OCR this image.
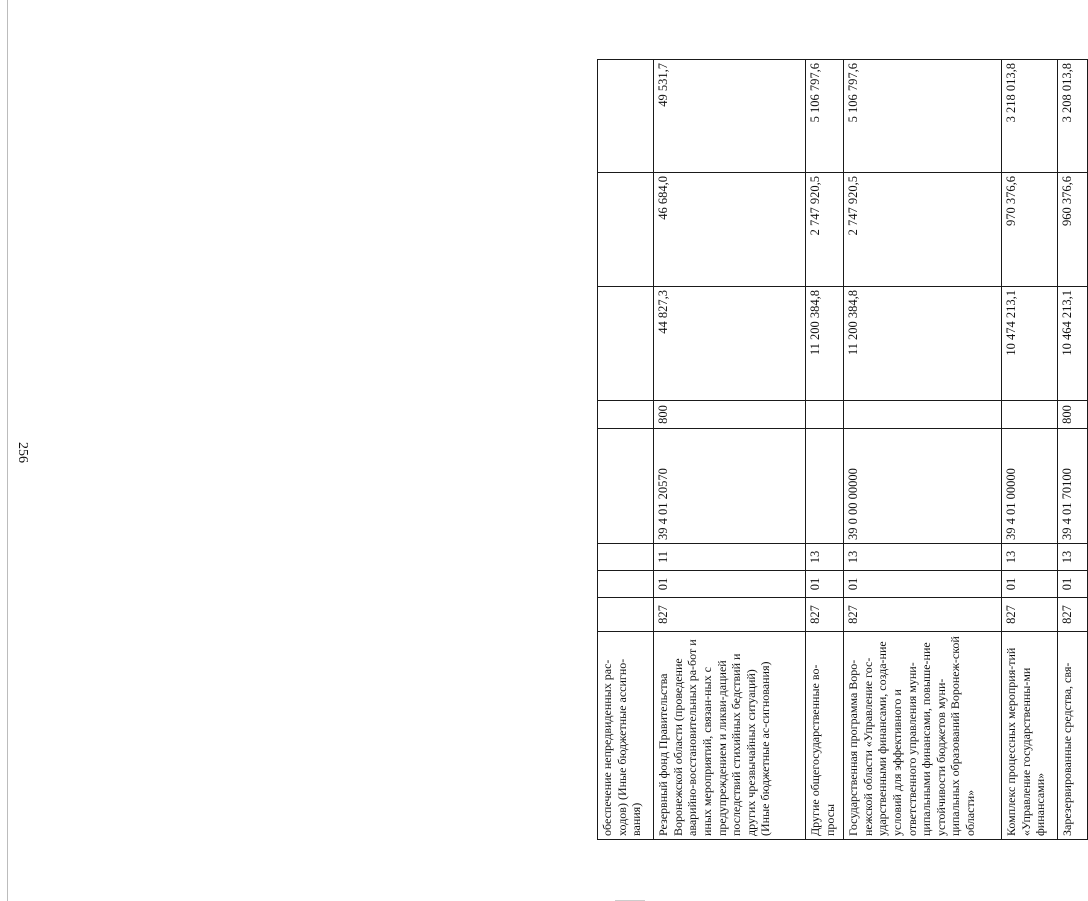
256
обеспечение непредвиденных рас-ходов) (Иные бюджетные ассигно-вания)								
Резервный фонд Правительства Воронежской области (проведение аварийно-восстановительных ра-бот и иных мероприятий, связан-ных с предупреждением и ликви-дацией последствий стихийных бедствий и других чрезвычайных ситуаций) (Иные бюджетные ас-сигнования)	827	01	11	39 4 01 20570	800	44 827,3	46 684,0	49 531,7
Другие общегосударственные во-просы	827	01	13			11 200 384,8	2 747 920,5	5 106 797,6
Государственная программа Воро-нежской области «Управление гос-ударственными финансами, созда-ние условий для эффективного и ответственного управления муни-ципальными финансами, повыше-ние устойчивости бюджетов муни-ципальных образований Воронеж-ской области»	827	01	13	39 0 00 00000		11 200 384,8	2 747 920,5	5 106 797,6
Комплекс процессных мероприя-тий «Управление государственны-ми финансами»	827	01	13	39 4 01 00000		10 474 213,1	970 376,6	3 218 013,8
Зарезервированные средства, свя-	827	01	13	39 4 01 70100	800	10 464 213,1	960 376,6	3 208 013,8
